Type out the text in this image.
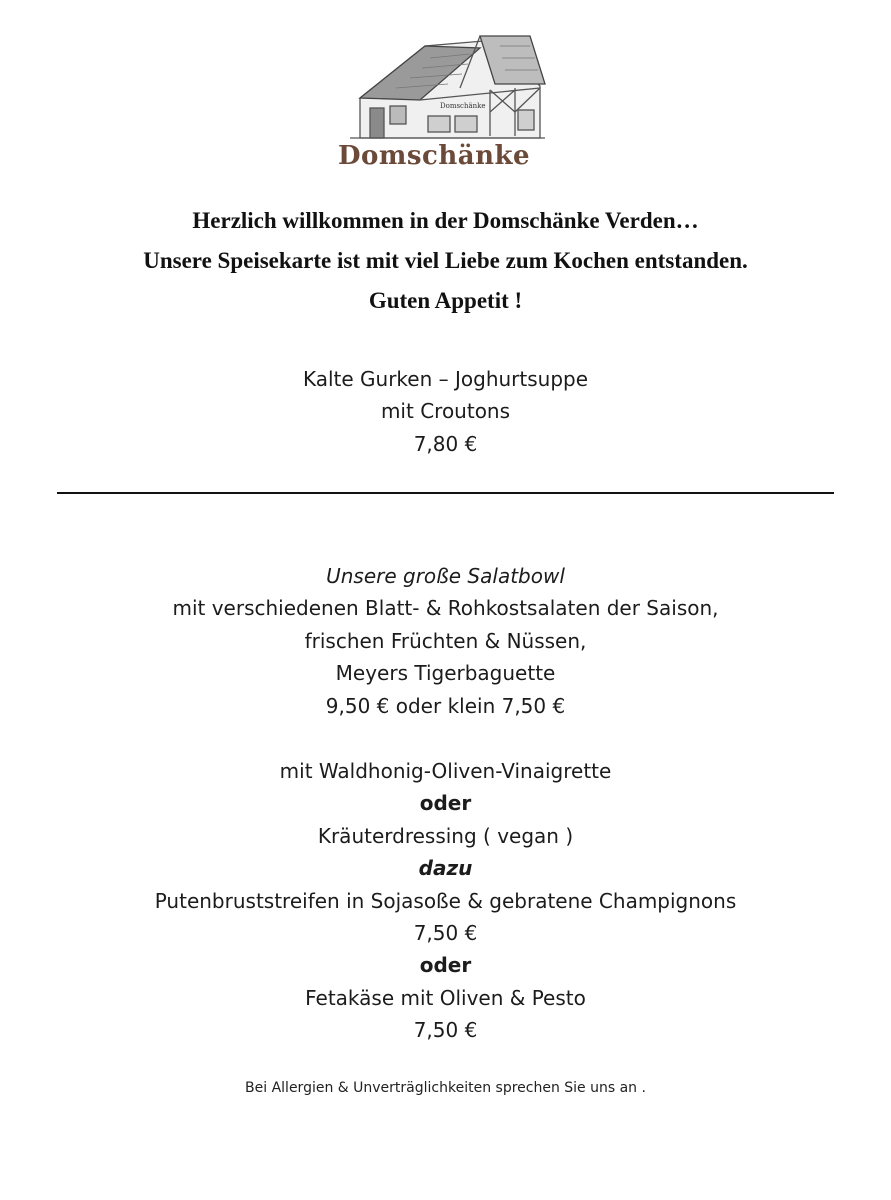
Domschänke
Domschänke
Herzlich willkommen in der Domschänke Verden…
Unsere Speisekarte ist mit viel Liebe zum Kochen entstanden.
Guten Appetit !
Kalte Gurken – Joghurtsuppe
mit Croutons
7,80 €
Unsere große Salatbowl
mit verschiedenen Blatt- & Rohkostsalaten der Saison,
frischen Früchten & Nüssen,
Meyers Tigerbaguette
9,50 € oder klein 7,50 €
mit Waldhonig-Oliven-Vinaigrette
oder
Kräuterdressing ( vegan )
dazu
Putenbruststreifen in Sojasoße & gebratene Champignons
7,50 €
oder
Fetakäse mit Oliven & Pesto
7,50 €
Bei Allergien & Unverträglichkeiten sprechen Sie uns an .
